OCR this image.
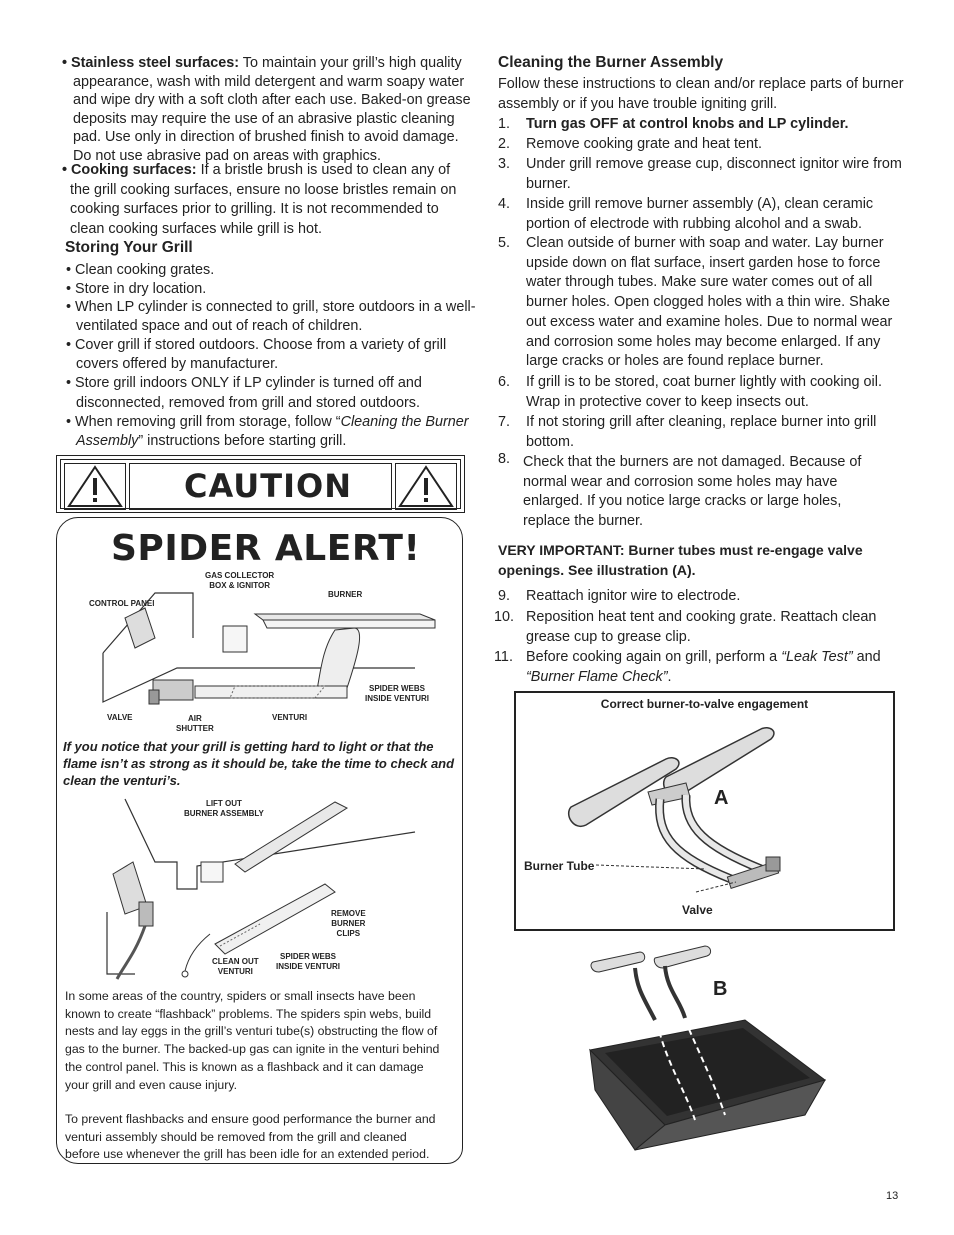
• Stainless steel surfaces: To maintain your grill’s high quality
appearance, wash with mild detergent and warm soapy water
and wipe dry with a soft cloth after each use. Baked-on grease
deposits may require the use of an abrasive plastic cleaning
pad. Use only in direction of brushed finish to avoid damage.
Do not use abrasive pad on areas with graphics.
• Cooking surfaces: If a bristle brush is used to clean any of
the grill cooking surfaces, ensure no loose bristles remain on
cooking surfaces prior to grilling. It is not recommended to
clean cooking surfaces while grill is hot.
Storing Your Grill
• Clean cooking grates.
• Store in dry location.
• When LP cylinder is connected to grill, store outdoors in a well-
ventilated space and out of reach of children.
• Cover grill if stored outdoors. Choose from a variety of grill
covers offered by manufacturer.
• Store grill indoors ONLY if LP cylinder is turned off and
disconnected, removed from grill and stored outdoors.
• When removing grill from storage, follow “Cleaning the Burner
Assembly” instructions before starting grill.
CAUTION
SPIDER ALERT!
GAS COLLECTOR
BOX & IGNITOR
CONTROL PANEl
BURNER
SPIDER WEBS
INSIDE VENTURI
VALVE	AIR
SHUTTER
VENTURI
If you notice that your grill is getting hard to light or that the
flame isn’t as strong as it should be, take the time to check and
clean the venturi’s.
LIFT OUT
BURNER ASSEMBLY
REMOVE
BURNER
CLIPS
CLEAN OUT
VENTURI
SPIDER WEBS
INSIDE VENTURI
In some areas of the country, spiders or small insects have been
known to create “flashback” problems. The spiders spin webs, build
nests and lay eggs in the grill’s venturi tube(s) obstructing the flow of
gas to the burner. The backed-up gas can ignite in the venturi behind
the control panel. This is known as a flashback and it can damage
your grill and even cause injury.
To prevent flashbacks and ensure good performance the burner and
venturi assembly should be removed from the grill and cleaned
before use whenever the grill has been idle for an extended period.
Cleaning the Burner Assembly
Follow these instructions to clean and/or replace parts of burner
assembly or if you have trouble igniting grill.
1. Turn gas OFF at control knobs and LP cylinder.
2. Remove cooking grate and heat tent.
3. Under grill remove grease cup, disconnect ignitor wire from
burner.
4. Inside grill remove burner assembly (A), clean ceramic
portion of electrode with rubbing alcohol and a swab.
5. Clean outside of burner with soap and water. Lay burner
upside down on flat surface, insert garden hose to force
water through tubes. Make sure water comes out of all
burner holes. Open clogged holes with a thin wire. Shake
out excess water and examine holes. Due to normal wear
and corrosion some holes may become enlarged. If any
large cracks or holes are found replace burner.
6. If grill is to be stored, coat burner lightly with cooking oil.
Wrap in protective cover to keep insects out.
7. If not storing grill after cleaning, replace burner into grill
bottom.
8. Check that the burners are not damaged. Because of
normal wear and corrosion some holes may have
enlarged. If you notice large cracks or large holes,
replace the burner.
VERY IMPORTANT: Burner tubes must re-engage valve
openings. See illustration (A).
9. Reattach ignitor wire to electrode.
10. Reposition heat tent and cooking grate. Reattach clean
grease cup to grease clip.
11. Before cooking again on grill, perform a “Leak Test” and
“Burner Flame Check”.
Correct burner-to-valve engagement
A
Burner Tube
Valve
B
13
